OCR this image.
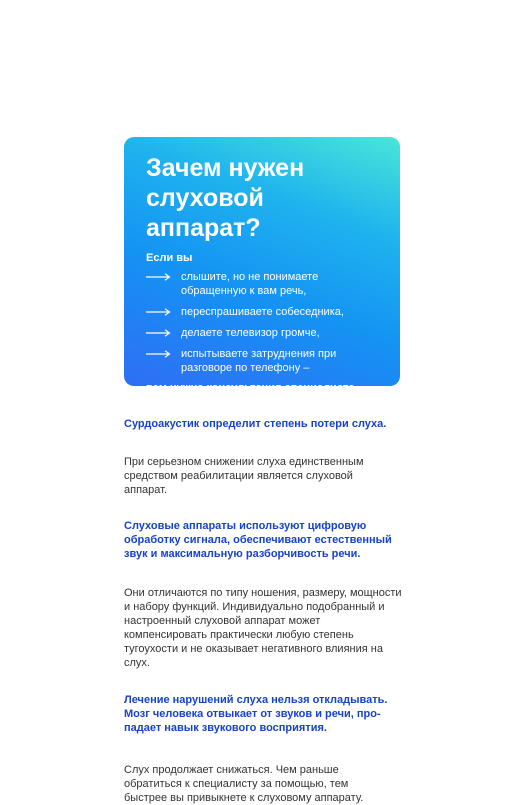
Зачем нужен
слуховой аппарат?
Если вы
слышите, но не понимаете обращенную к вам речь,
переспрашиваете собеседника,
делаете телевизор громче,
испытываете затруднения при разговоре по телефону –
вам нужна консультация специалиста.

Сурдоакустик определит степень потери слуха.

При серьезном снижении слуха единственным средством реабилитации является слуховой аппарат.

Слуховые аппараты используют цифровую обработку сигнала, обеспечивают естественный звук и максимальную разборчивость речи.

Они отличаются по типу ношения, размеру, мощности и набору функций. Индивидуально подобранный и настроенный слуховой аппарат может компенсировать практически любую степень тугоухости и не оказывает негативного влияния на слух.

Лечение нарушений слуха нельзя откладывать. Мозг человека отвыкает от звуков и речи, про-падает навык звукового восприятия.

Слух продолжает снижаться. Чем раньше обратиться к специалисту за помощью, тем быстрее вы привыкнете к слуховому аппарату.
